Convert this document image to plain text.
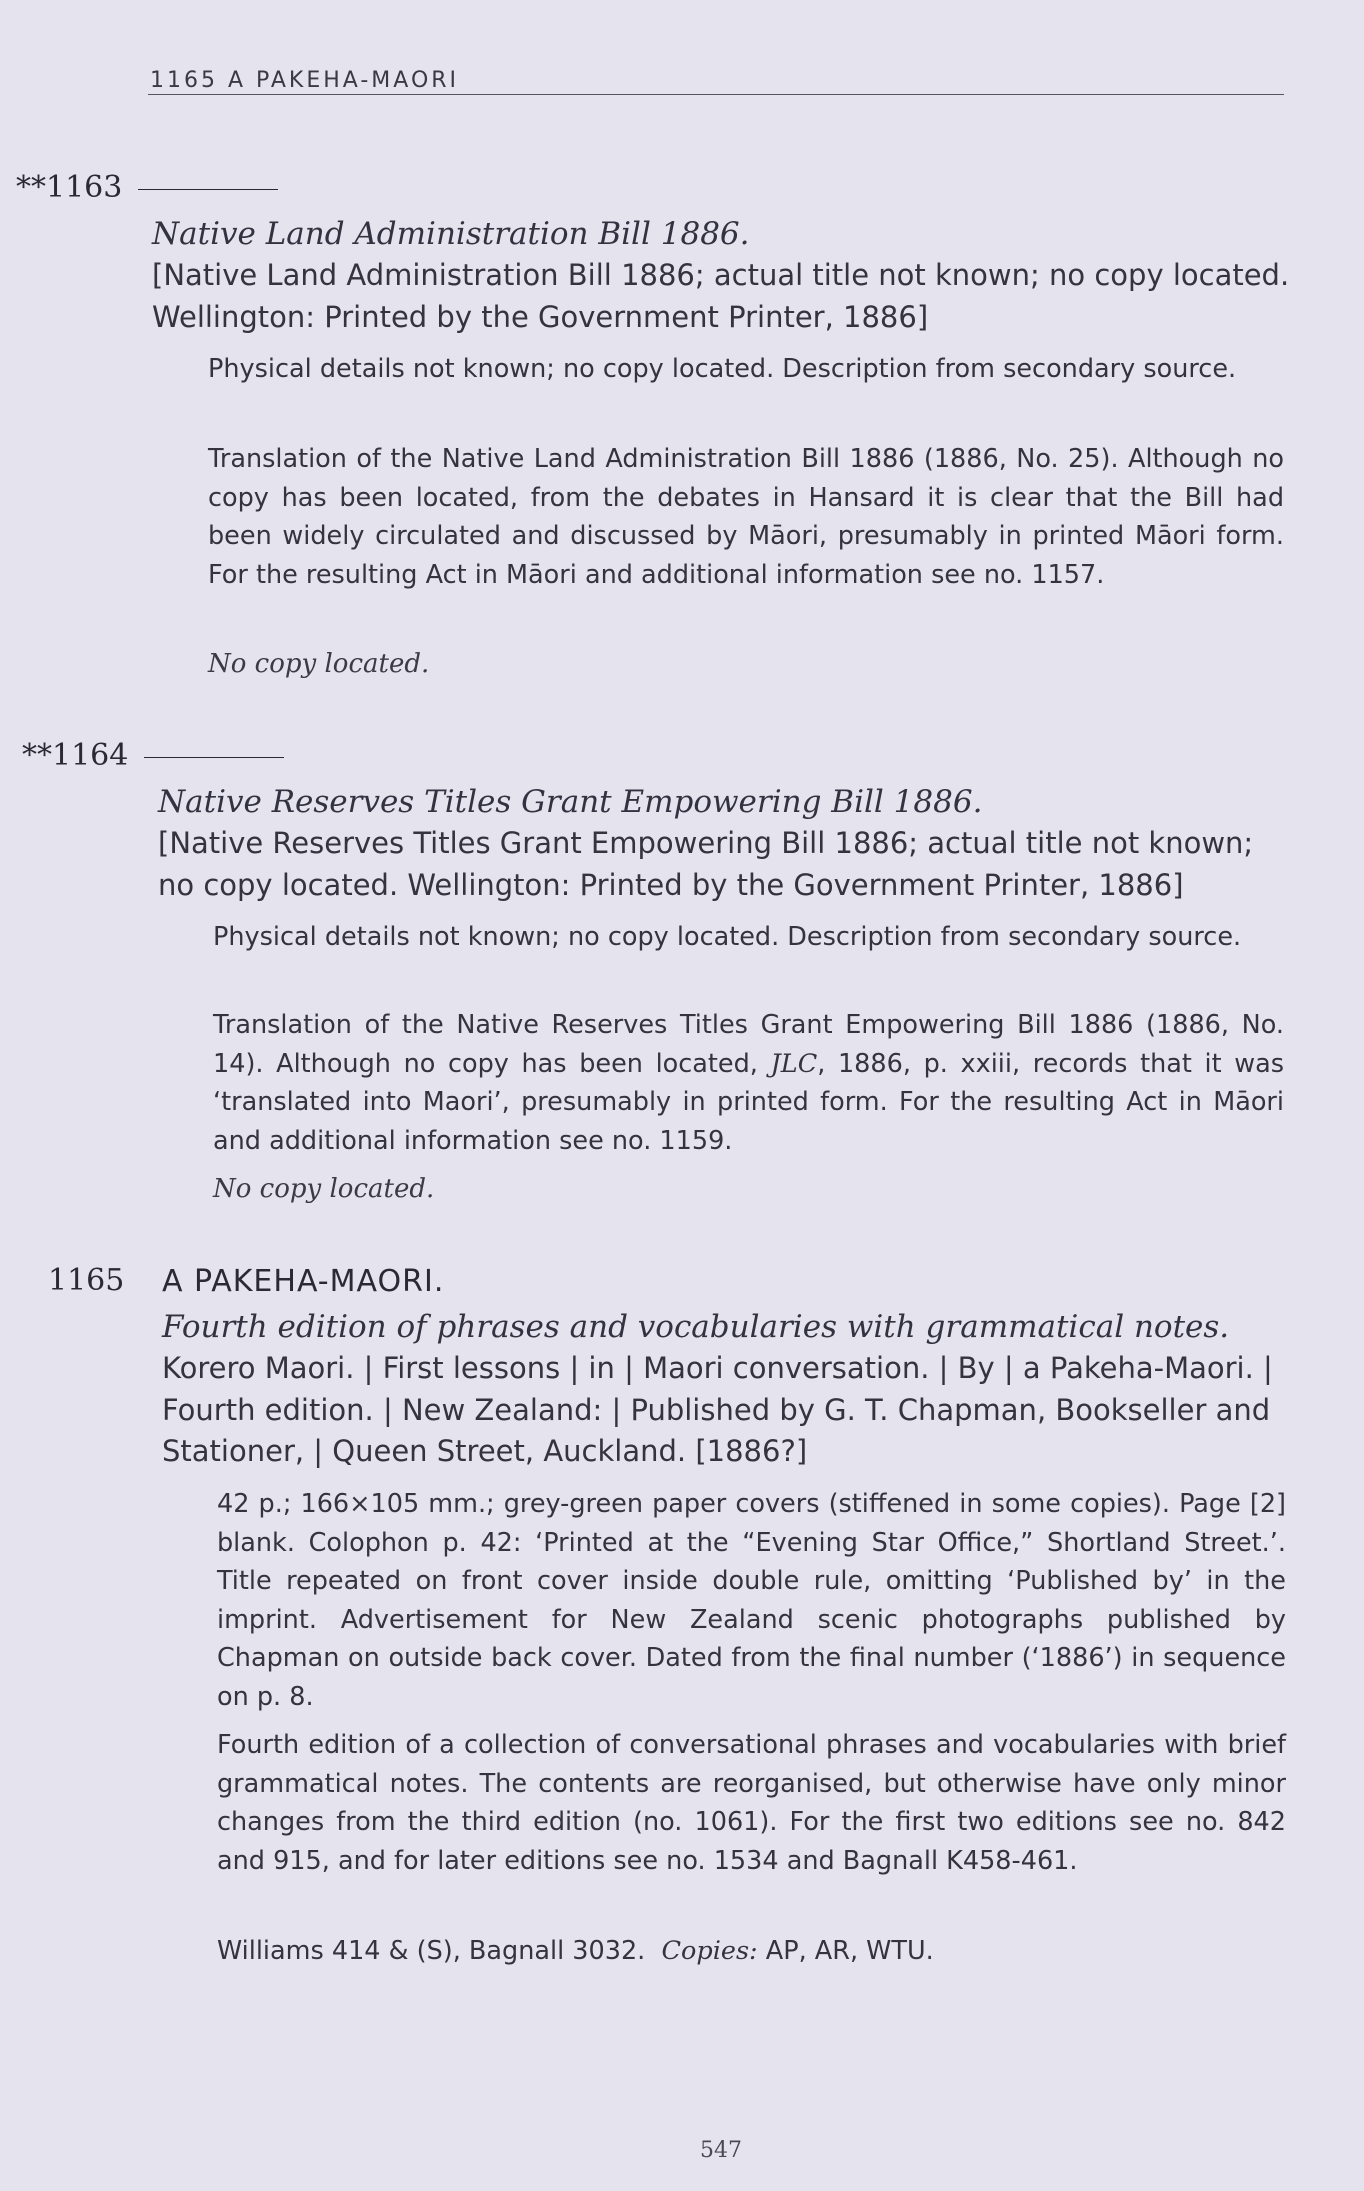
1165 A PAKEHA-MAORI
**1163
Native Land Administration Bill 1886.
[Native Land Administration Bill 1886; actual title not known; no copy located. Wellington: Printed by the Government Printer, 1886]
Physical details not known; no copy located. Description from secondary source.
Translation of the Native Land Administration Bill 1886 (1886, No. 25). Although no copy has been located, from the debates in Hansard it is clear that the Bill had been widely circulated and discussed by Māori, presumably in printed Māori form. For the resulting Act in Māori and additional information see no. 1157.
No copy located.
**1164
Native Reserves Titles Grant Empowering Bill 1886.
[Native Reserves Titles Grant Empowering Bill 1886; actual title not known; no copy located. Wellington: Printed by the Government Printer, 1886]
Physical details not known; no copy located. Description from secondary source.
Translation of the Native Reserves Titles Grant Empowering Bill 1886 (1886, No. 14). Although no copy has been located, JLC, 1886, p. xxiii, records that it was ‘translated into Maori’, presumably in printed form. For the resulting Act in Māori and additional information see no. 1159.
No copy located.
1165 A PAKEHA-MAORI.
Fourth edition of phrases and vocabularies with grammatical notes.
Korero Maori. | First lessons | in | Maori conversation. | By | a Pakeha-Maori. | Fourth edition. | New Zealand: | Published by G. T. Chapman, Bookseller and Stationer, | Queen Street, Auckland. [1886?]
42 p.; 166×105 mm.; grey-green paper covers (stiffened in some copies). Page [2] blank. Colophon p. 42: ‘Printed at the “Evening Star Office,” Shortland Street.’. Title repeated on front cover inside double rule, omitting ‘Published by’ in the imprint. Advertisement for New Zealand scenic photographs published by Chapman on outside back cover. Dated from the final number (‘1886’) in sequence on p. 8.
Fourth edition of a collection of conversational phrases and vocabularies with brief grammatical notes. The contents are reorganised, but otherwise have only minor changes from the third edition (no. 1061). For the first two editions see no. 842 and 915, and for later editions see no. 1534 and Bagnall K458-461.
Williams 414 & (S), Bagnall 3032. Copies: AP, AR, WTU.
547
